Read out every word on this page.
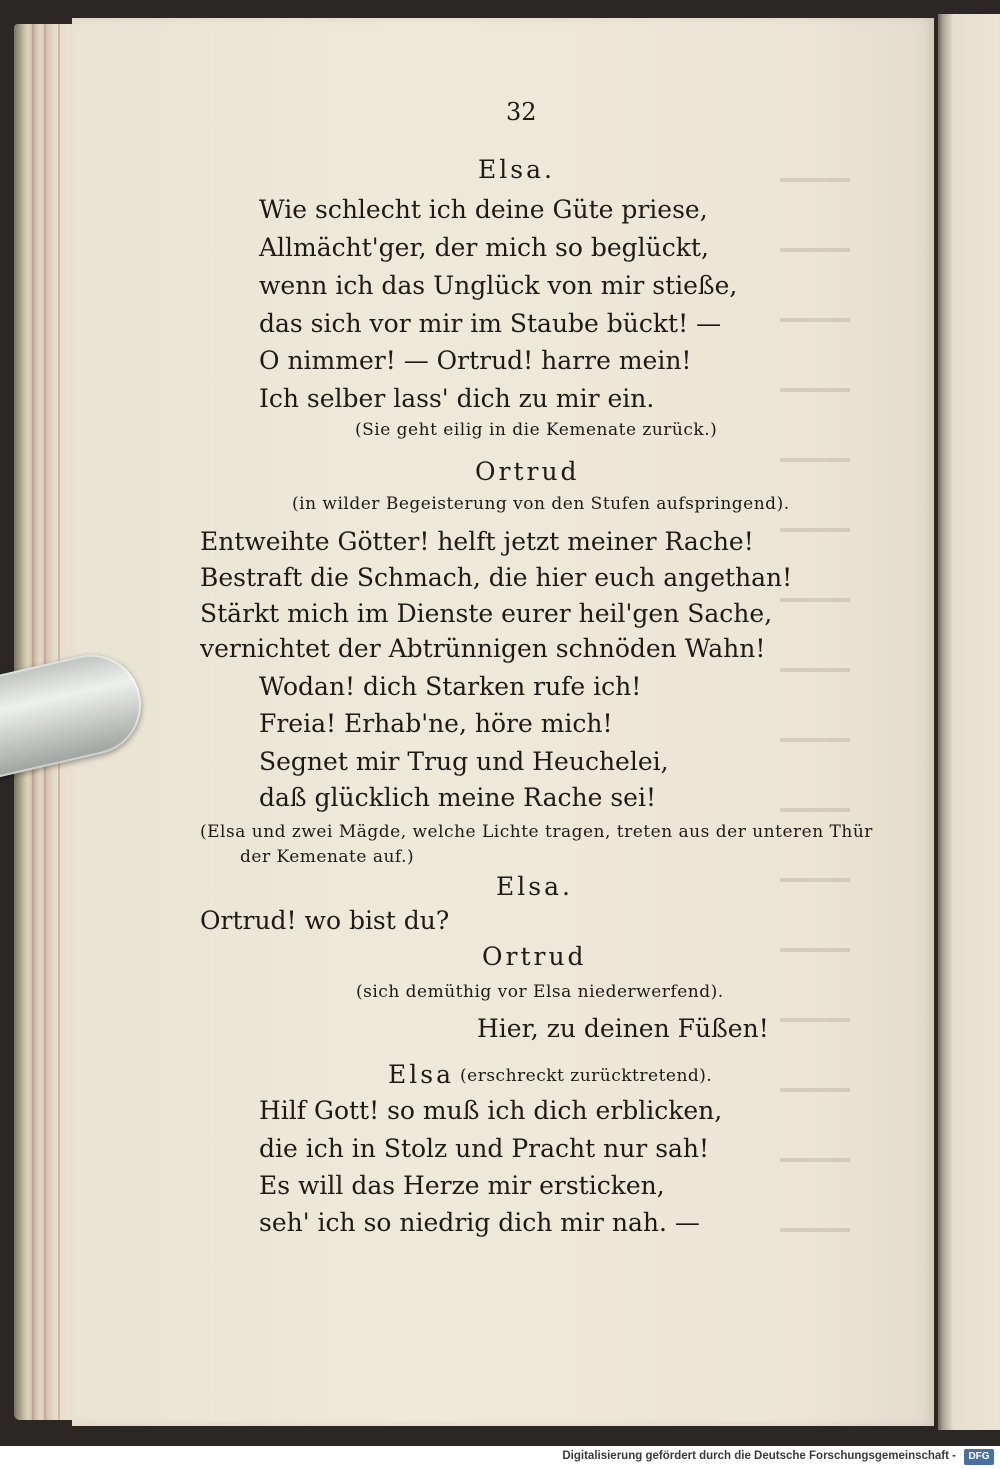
32
Elsa.
Wie schlecht ich deine Güte priese,
Allmächt'ger, der mich so beglückt,
wenn ich das Unglück von mir stieße,
das sich vor mir im Staube bückt! —
O nimmer! — Ortrud! harre mein!
Ich selber lass' dich zu mir ein.
(Sie geht eilig in die Kemenate zurück.)
Ortrud
(in wilder Begeisterung von den Stufen aufspringend).
Entweihte Götter! helft jetzt meiner Rache!
Bestraft die Schmach, die hier euch angethan!
Stärkt mich im Dienste eurer heil'gen Sache,
vernichtet der Abtrünnigen schnöden Wahn!
Wodan! dich Starken rufe ich!
Freia! Erhab'ne, höre mich!
Segnet mir Trug und Heuchelei,
daß glücklich meine Rache sei!
(Elsa und zwei Mägde, welche Lichte tragen, treten aus der unteren Thür
der Kemenate auf.)
Elsa.
Ortrud! wo bist du?
Ortrud
(sich demüthig vor Elsa niederwerfend).
Hier, zu deinen Füßen!
Elsa (erschreckt zurücktretend).
Hilf Gott! so muß ich dich erblicken,
die ich in Stolz und Pracht nur sah!
Es will das Herze mir ersticken,
seh' ich so niedrig dich mir nah. —
Digitalisierung gefördert durch die Deutsche Forschungsgemeinschaft -	DFG
